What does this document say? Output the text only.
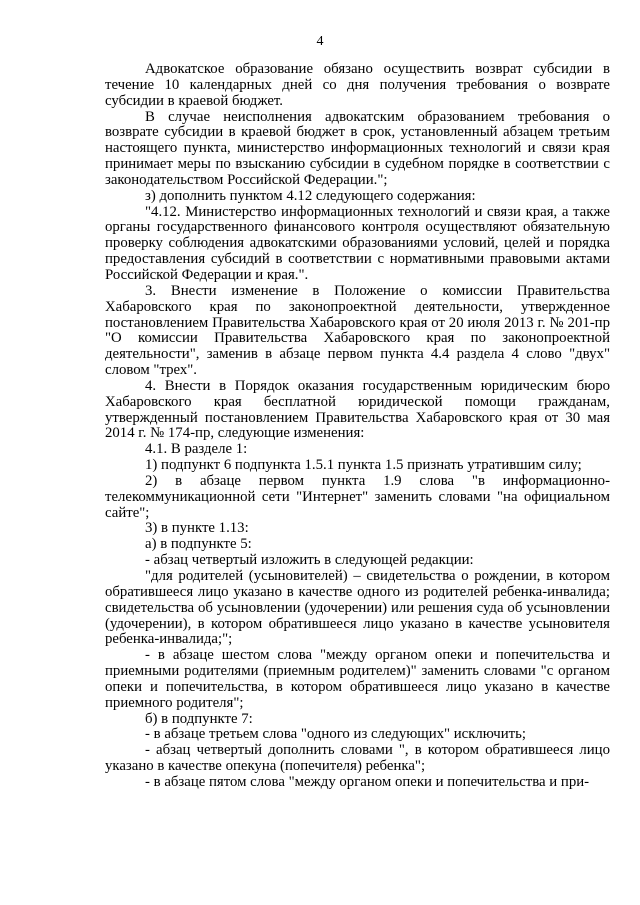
4

Адвокатское образование обязано осуществить возврат субсидии в течение 10 календарных дней со дня получения требования о возврате субсидии в краевой бюджет.

В случае неисполнения адвокатским образованием требования о возврате субсидии в краевой бюджет в срок, установленный абзацем третьим настоящего пункта, министерство информационных технологий и связи края принимает меры по взысканию субсидии в судебном порядке в соответствии с законодательством Российской Федерации.";

з) дополнить пунктом 4.12 следующего содержания:

"4.12. Министерство информационных технологий и связи края, а также органы государственного финансового контроля осуществляют обязательную проверку соблюдения адвокатскими образованиями условий, целей и порядка предоставления субсидий в соответствии с нормативными правовыми актами Российской Федерации и края.".

3. Внести изменение в Положение о комиссии Правительства Хабаровского края по законопроектной деятельности, утвержденное постановлением Правительства Хабаровского края от 20 июля 2013 г. № 201-пр "О комиссии Правительства Хабаровского края по законопроектной деятельности", заменив в абзаце первом пункта 4.4 раздела 4 слово "двух" словом "трех".

4. Внести в Порядок оказания государственным юридическим бюро Хабаровского края бесплатной юридической помощи гражданам, утвержденный постановлением Правительства Хабаровского края от 30 мая 2014 г. № 174-пр, следующие изменения:

4.1. В разделе 1:

1) подпункт 6 подпункта 1.5.1 пункта 1.5 признать утратившим силу;

2) в абзаце первом пункта 1.9 слова "в информационно-телекоммуникационной сети "Интернет" заменить словами "на официальном сайте";

3) в пункте 1.13:

а) в подпункте 5:

- абзац четвертый изложить в следующей редакции:

"для родителей (усыновителей) – свидетельства о рождении, в котором обратившееся лицо указано в качестве одного из родителей ребенка-инвалида; свидетельства об усыновлении (удочерении) или решения суда об усыновлении (удочерении), в котором обратившееся лицо указано в качестве усыновителя ребенка-инвалида;";

- в абзаце шестом слова "между органом опеки и попечительства и приемными родителями (приемным родителем)" заменить словами "с органом опеки и попечительства, в котором обратившееся лицо указано в качестве приемного родителя";

б) в подпункте 7:

- в абзаце третьем слова "одного из следующих" исключить;

- абзац четвертый дополнить словами ", в котором обратившееся лицо указано в качестве опекуна (попечителя) ребенка";

- в абзаце пятом слова "между органом опеки и попечительства и при-
